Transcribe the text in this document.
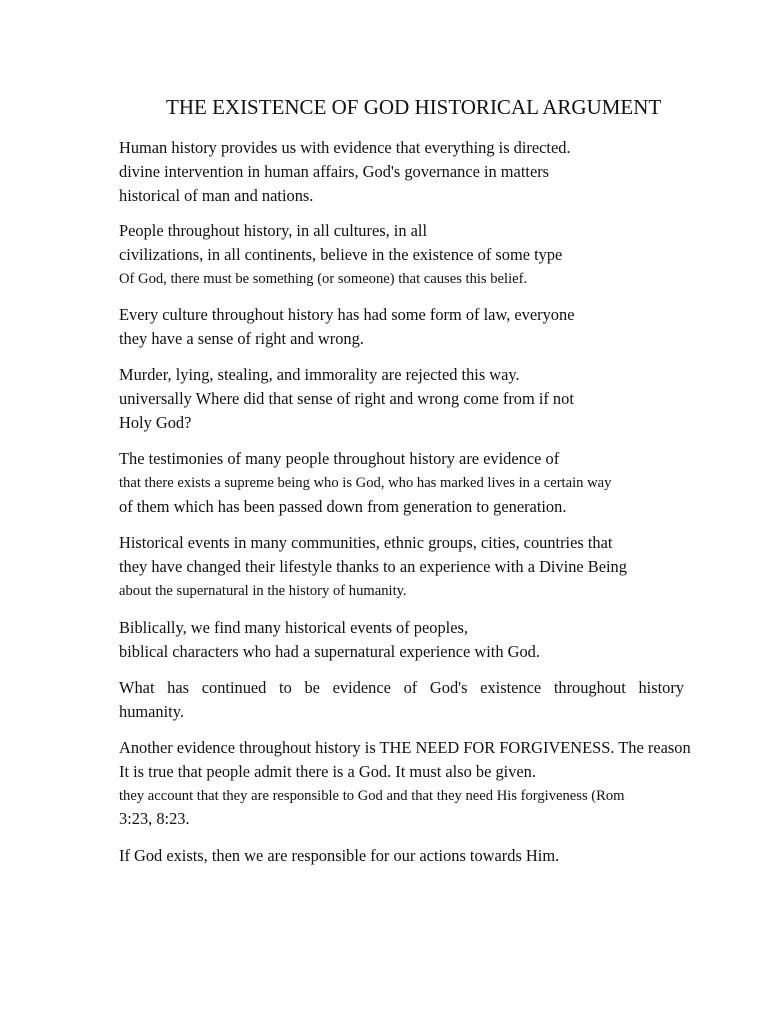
THE EXISTENCE OF GOD HISTORICAL ARGUMENT
Human history provides us with evidence that everything is directed.
divine intervention in human affairs, God's governance in matters
historical of man and nations.
People throughout history, in all cultures, in all
civilizations, in all continents, believe in the existence of some type
Of God, there must be something (or someone) that causes this belief.
Every culture throughout history has had some form of law, everyone
they have a sense of right and wrong.
Murder, lying, stealing, and immorality are rejected this way.
universally Where did that sense of right and wrong come from if not
Holy God?
The testimonies of many people throughout history are evidence of
that there exists a supreme being who is God, who has marked lives in a certain way
of them which has been passed down from generation to generation.
Historical events in many communities, ethnic groups, cities, countries that
they have changed their lifestyle thanks to an experience with a Divine Being
about the supernatural in the history of humanity.
Biblically, we find many historical events of peoples,
biblical characters who had a supernatural experience with God.
What has continued to be evidence of God's existence throughout history
humanity.
Another evidence throughout history is THE NEED FOR FORGIVENESS. The reason
It is true that people admit there is a God. It must also be given.
they account that they are responsible to God and that they need His forgiveness (Rom
3:23, 8:23.
If God exists, then we are responsible for our actions towards Him.
